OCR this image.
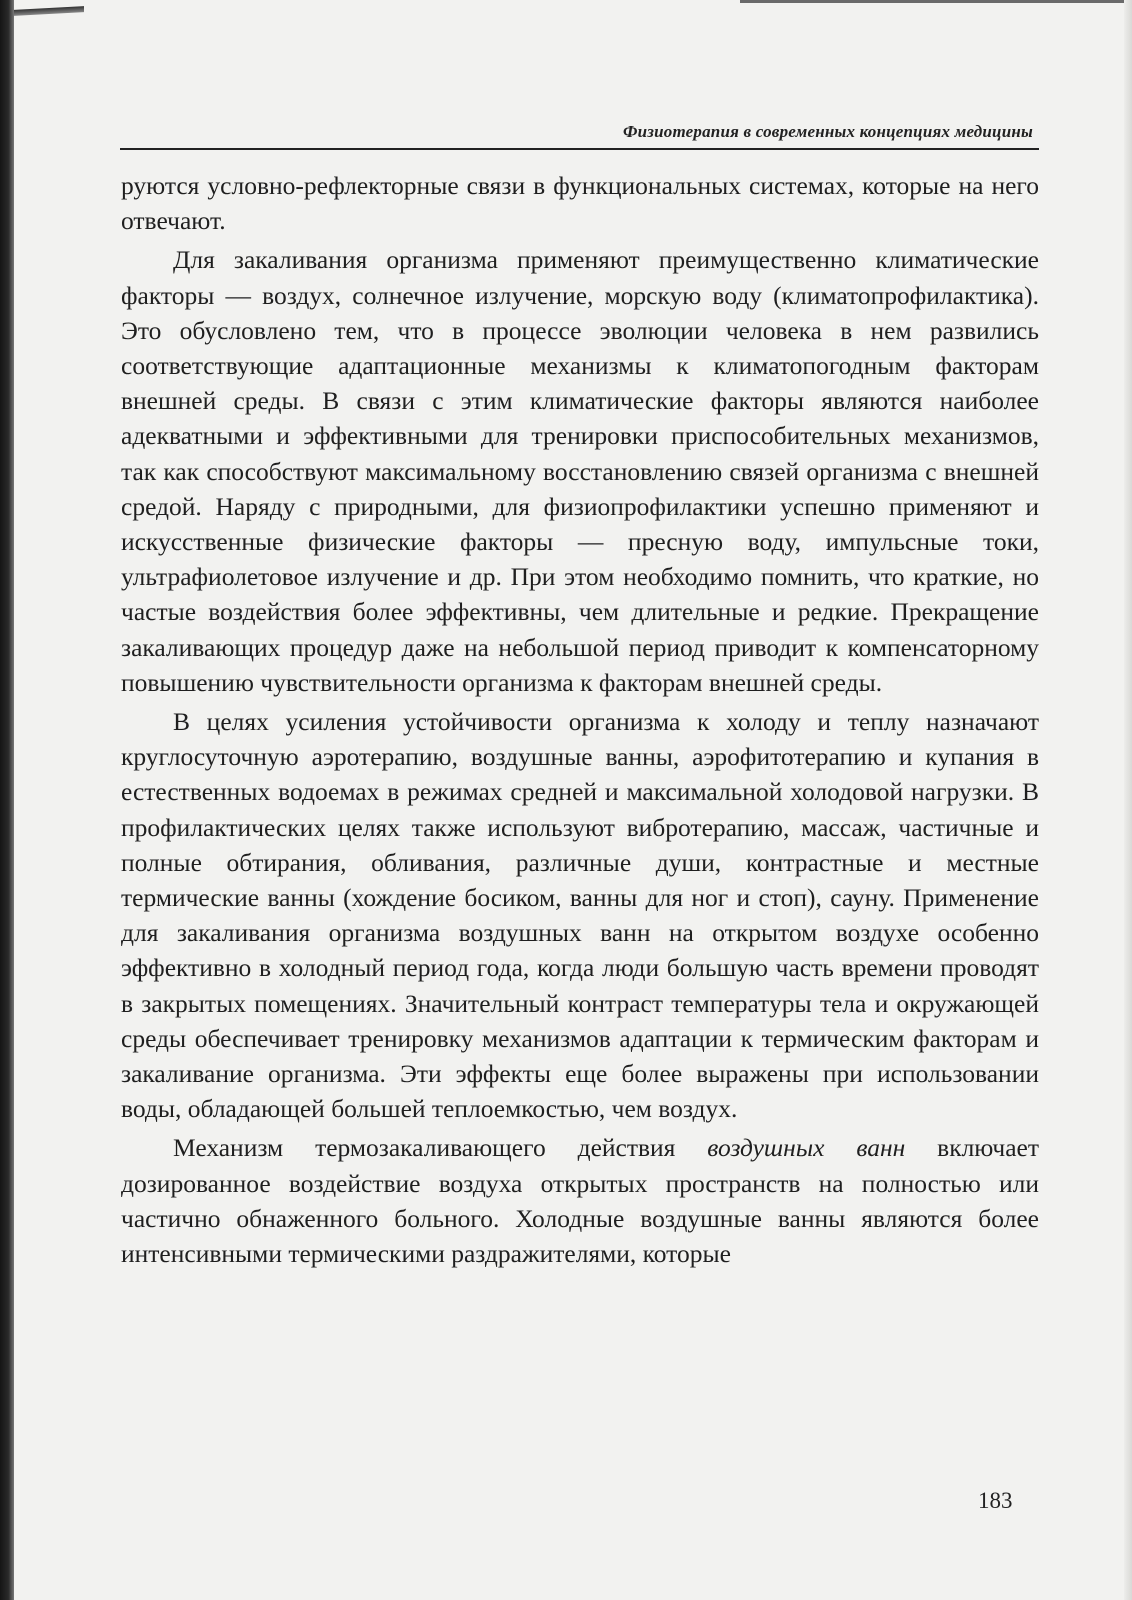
Физиотерапия в современных концепциях медицины

руются условно-рефлекторные связи в функциональных системах, которые на него отвечают.

Для закаливания организма применяют преимущественно климатические факторы — воздух, солнечное излучение, морскую воду (климатопрофилактика). Это обусловлено тем, что в процессе эволюции человека в нем развились соответствующие адаптационные механизмы к климатопогодным факторам внешней среды. В связи с этим климатические факторы являются наиболее адекватными и эффективными для тренировки приспособительных механизмов, так как способствуют максимальному восстановлению связей организма с внешней средой. Наряду с природными, для физиопрофилактики успешно применяют и искусственные физические факторы — пресную воду, импульсные токи, ультрафиолетовое излучение и др. При этом необходимо помнить, что краткие, но частые воздействия более эффективны, чем длительные и редкие. Прекращение закаливающих процедур даже на небольшой период приводит к компенсаторному повышению чувствительности организма к факторам внешней среды.

В целях усиления устойчивости организма к холоду и теплу назначают круглосуточную аэротерапию, воздушные ванны, аэрофитотерапию и купания в естественных водоемах в режимах средней и максимальной холодовой нагрузки. В профилактических целях также используют вибротерапию, массаж, частичные и полные обтирания, обливания, различные души, контрастные и местные термические ванны (хождение босиком, ванны для ног и стоп), сауну. Применение для закаливания организма воздушных ванн на открытом воздухе особенно эффективно в холодный период года, когда люди большую часть времени проводят в закрытых помещениях. Значительный контраст температуры тела и окружающей среды обеспечивает тренировку механизмов адаптации к термическим факторам и закаливание организма. Эти эффекты еще более выражены при использовании воды, обладающей большей теплоемкостью, чем воздух.

Механизм термозакаливающего действия воздушных ванн включает дозированное воздействие воздуха открытых пространств на полностью или частично обнаженного больного. Холодные воздушные ванны являются более интенсивными термическими раздражителями, которые

183
